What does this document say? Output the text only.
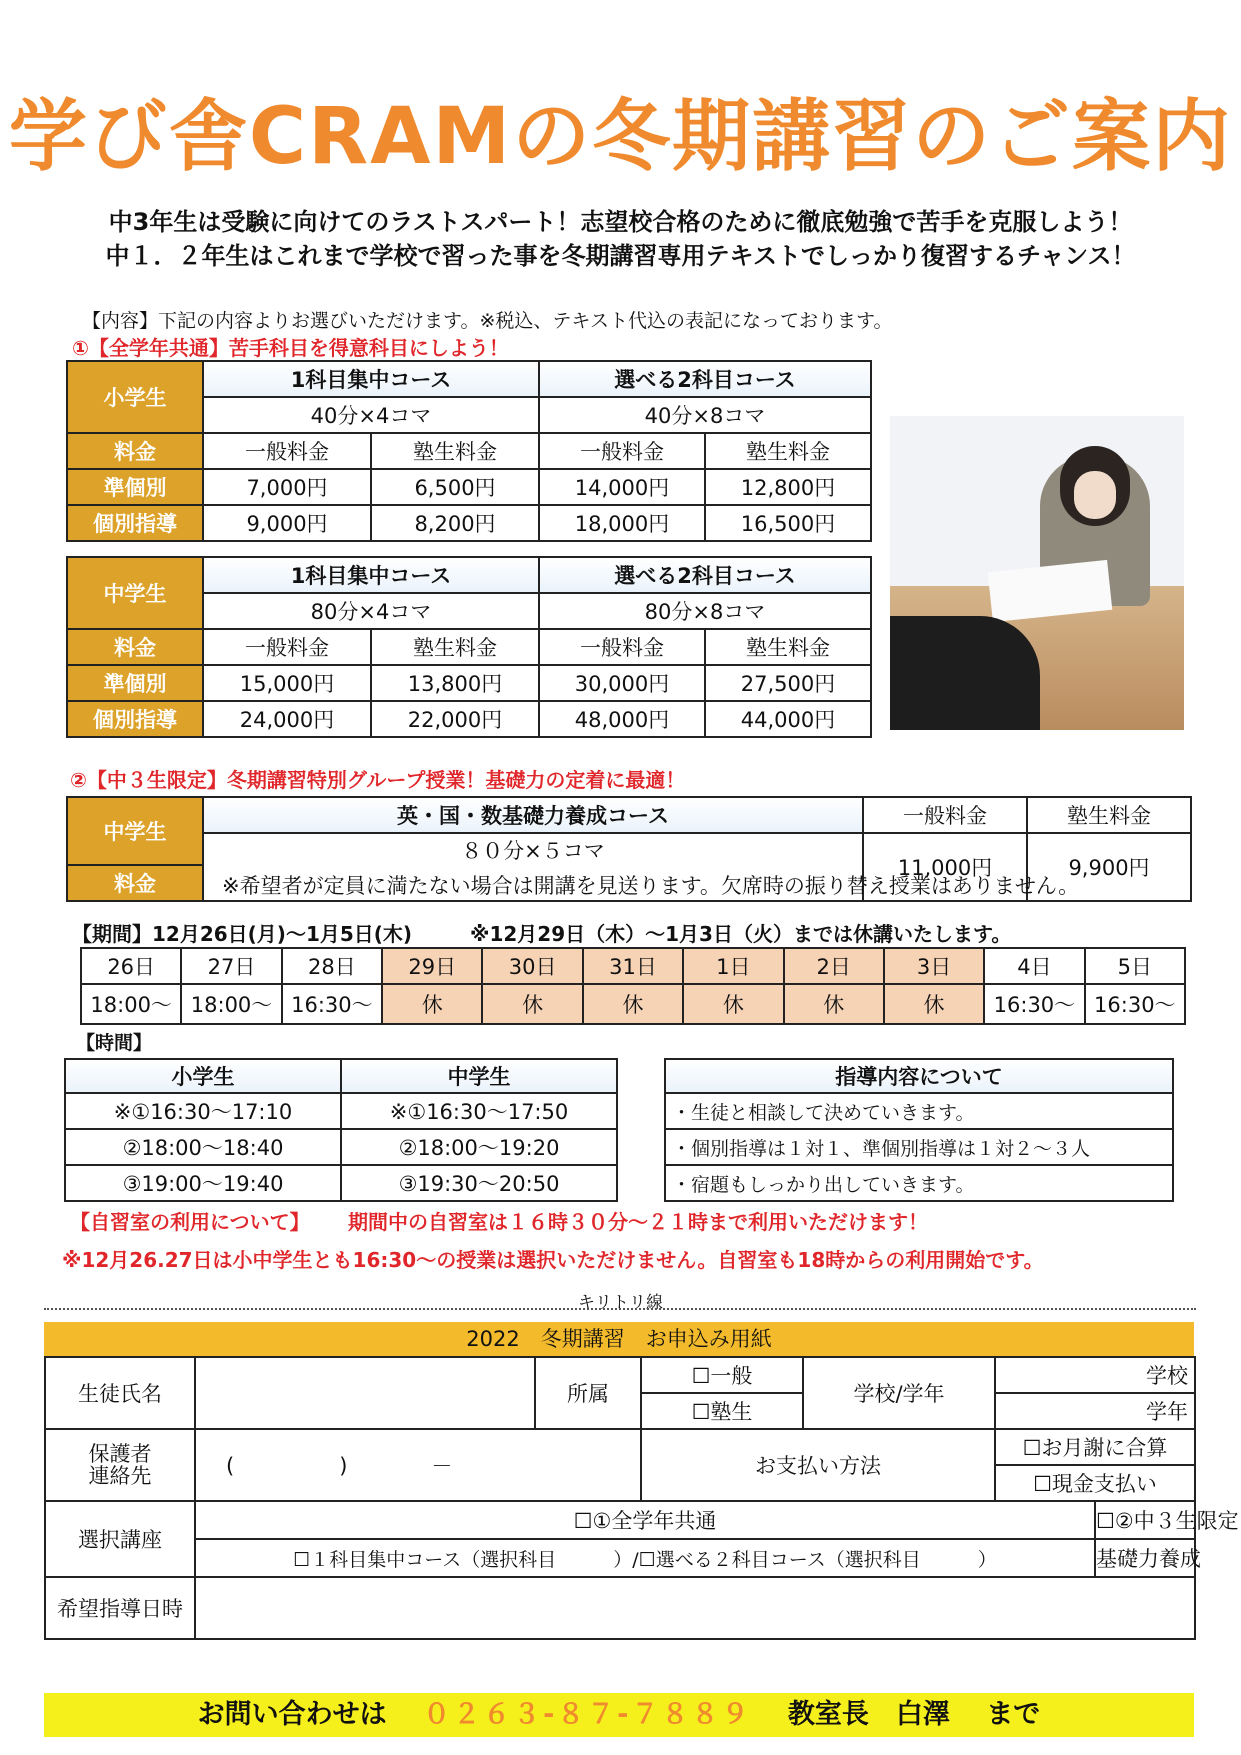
学び舎CRAMの冬期講習のご案内
中3年生は受験に向けてのラストスパート！志望校合格のために徹底勉強で苦手を克服しよう！
中１．２年生はこれまで学校で習った事を冬期講習専用テキストでしっかり復習するチャンス！
【内容】下記の内容よりお選びいただけます。※税込、テキスト代込の表記になっております。
①【全学年共通】苦手科目を得意科目にしよう！
小学生	1科目集中コース		選べる2科目コース	
	40分×4コマ		40分×8コマ	
料金	一般料金	塾生料金	一般料金	塾生料金
準個別	7,000円	6,500円	14,000円	12,800円
個別指導	9,000円	8,200円	18,000円	16,500円
中学生	1科目集中コース		選べる2科目コース	
	80分×4コマ		80分×8コマ	
料金	一般料金	塾生料金	一般料金	塾生料金
準個別	15,000円	13,800円	30,000円	27,500円
個別指導	24,000円	22,000円	48,000円	44,000円
②【中３生限定】冬期講習特別グループ授業！基礎力の定着に最適！
中学生	英・国・数基礎力養成コース	一般料金	塾生料金
	８０分×５コマ	11,000円	9,900円
料金	※希望者が定員に満たない場合は開講を見送ります。欠席時の振り替え授業はありません。		
【期間】12月26日(月)～1月5日(木)	※12月29日（木）～1月3日（火）までは休講いたします。
26日	27日	28日	29日	30日	31日	1日	2日	3日	4日	5日
18:00～	18:00～	16:30～	休	休	休	休	休	休	16:30～	16:30～
【時間】
小学生	中学生
※①16:30～17:10	※①16:30～17:50
②18:00～18:40	②18:00～19:20
③19:00～19:40	③19:30～20:50
指導内容について
・生徒と相談して決めていきます。
・個別指導は１対１、準個別指導は１対２～３人
・宿題もしっかり出していきます。
【自習室の利用について】 期間中の自習室は１６時３０分～２１時まで利用いただけます！
※12月26.27日は小中学生とも16:30～の授業は選択いただけません。自習室も18時からの利用開始です。
キリトリ線
2022　冬期講習　お申込み用紙
生徒氏名		所属	☐一般	学校/学年	学校	
			☐塾生		学年	
保護者
連絡先	(　　　　　)　　　　－		お支払い方法		☐お月謝に合算	
					☐現金支払い	
選択講座	☐①全学年共通					☐②中３生限定
	☐１科目集中コース（選択科目　　　）/☐選べる２科目コース（選択科目　　　）					基礎力養成
希望指導日時						
お問い合わせは　 ０２６３-８７-７８８９　 教室長　白澤　 まで
